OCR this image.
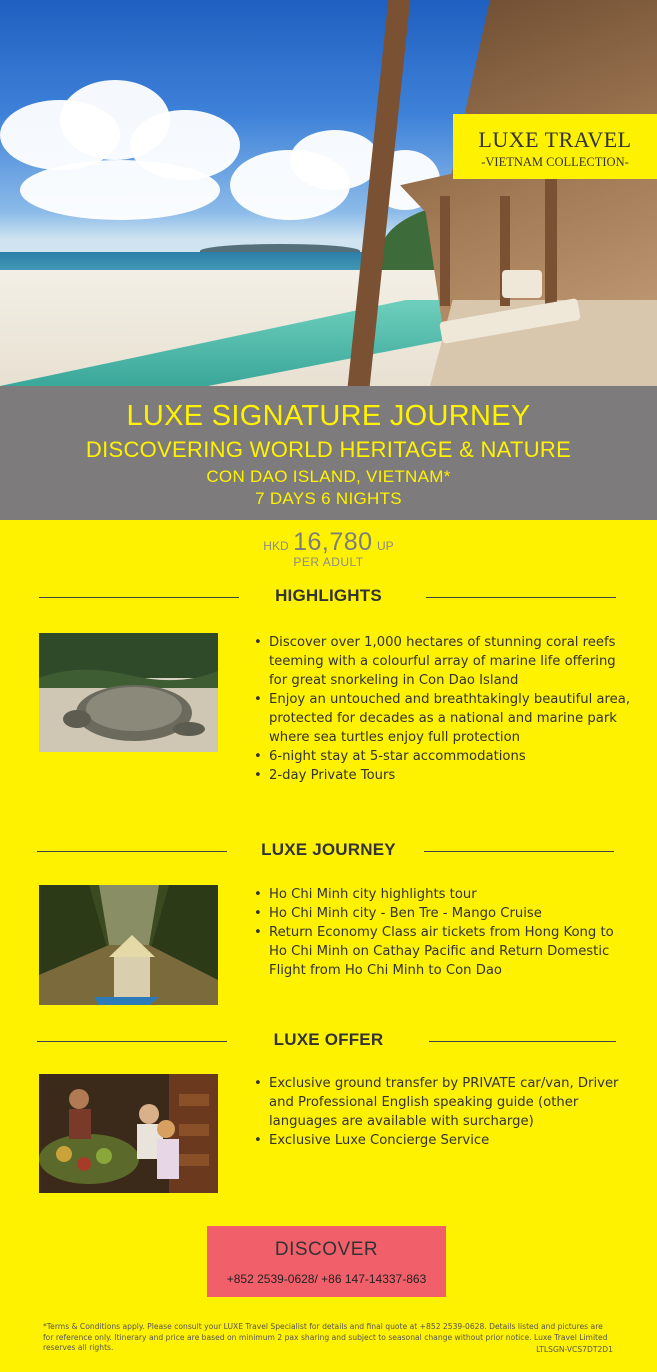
LUXE TRAVEL
-VIETNAM COLLECTION-
LUXE SIGNATURE JOURNEY
DISCOVERING WORLD HERITAGE & NATURE
CON DAO ISLAND, VIETNAM*
7 DAYS 6 NIGHTS
HKD 16,780 UP
PER ADULT
HIGHLIGHTS
• Discover over 1,000 hectares of stunning coral reefs teeming with a colourful array of marine life offering for great snorkeling in Con Dao Island
• Enjoy an untouched and breathtakingly beautiful area, protected for decades as a national and marine park where sea turtles enjoy full protection
• 6-night stay at 5-star accommodations
• 2-day Private Tours
LUXE JOURNEY
• Ho Chi Minh city highlights tour
• Ho Chi Minh city - Ben Tre - Mango Cruise
• Return Economy Class air tickets from Hong Kong to Ho Chi Minh on Cathay Pacific and Return Domestic Flight from Ho Chi Minh to Con Dao
LUXE OFFER
• Exclusive ground transfer by PRIVATE car/van, Driver and Professional English speaking guide (other languages are available with surcharge)
• Exclusive Luxe Concierge Service
DISCOVER
+852 2539-0628/ +86 147-14337-863
*Terms & Conditions apply. Please consult your LUXE Travel Specialist for details and final quote at +852 2539-0628. Details listed and pictures are for reference only. Itinerary and price are based on minimum 2 pax sharing and subject to seasonal change without prior notice. Luxe Travel Limited reserves all rights.	LTLSGN-VCS7DT2D1
